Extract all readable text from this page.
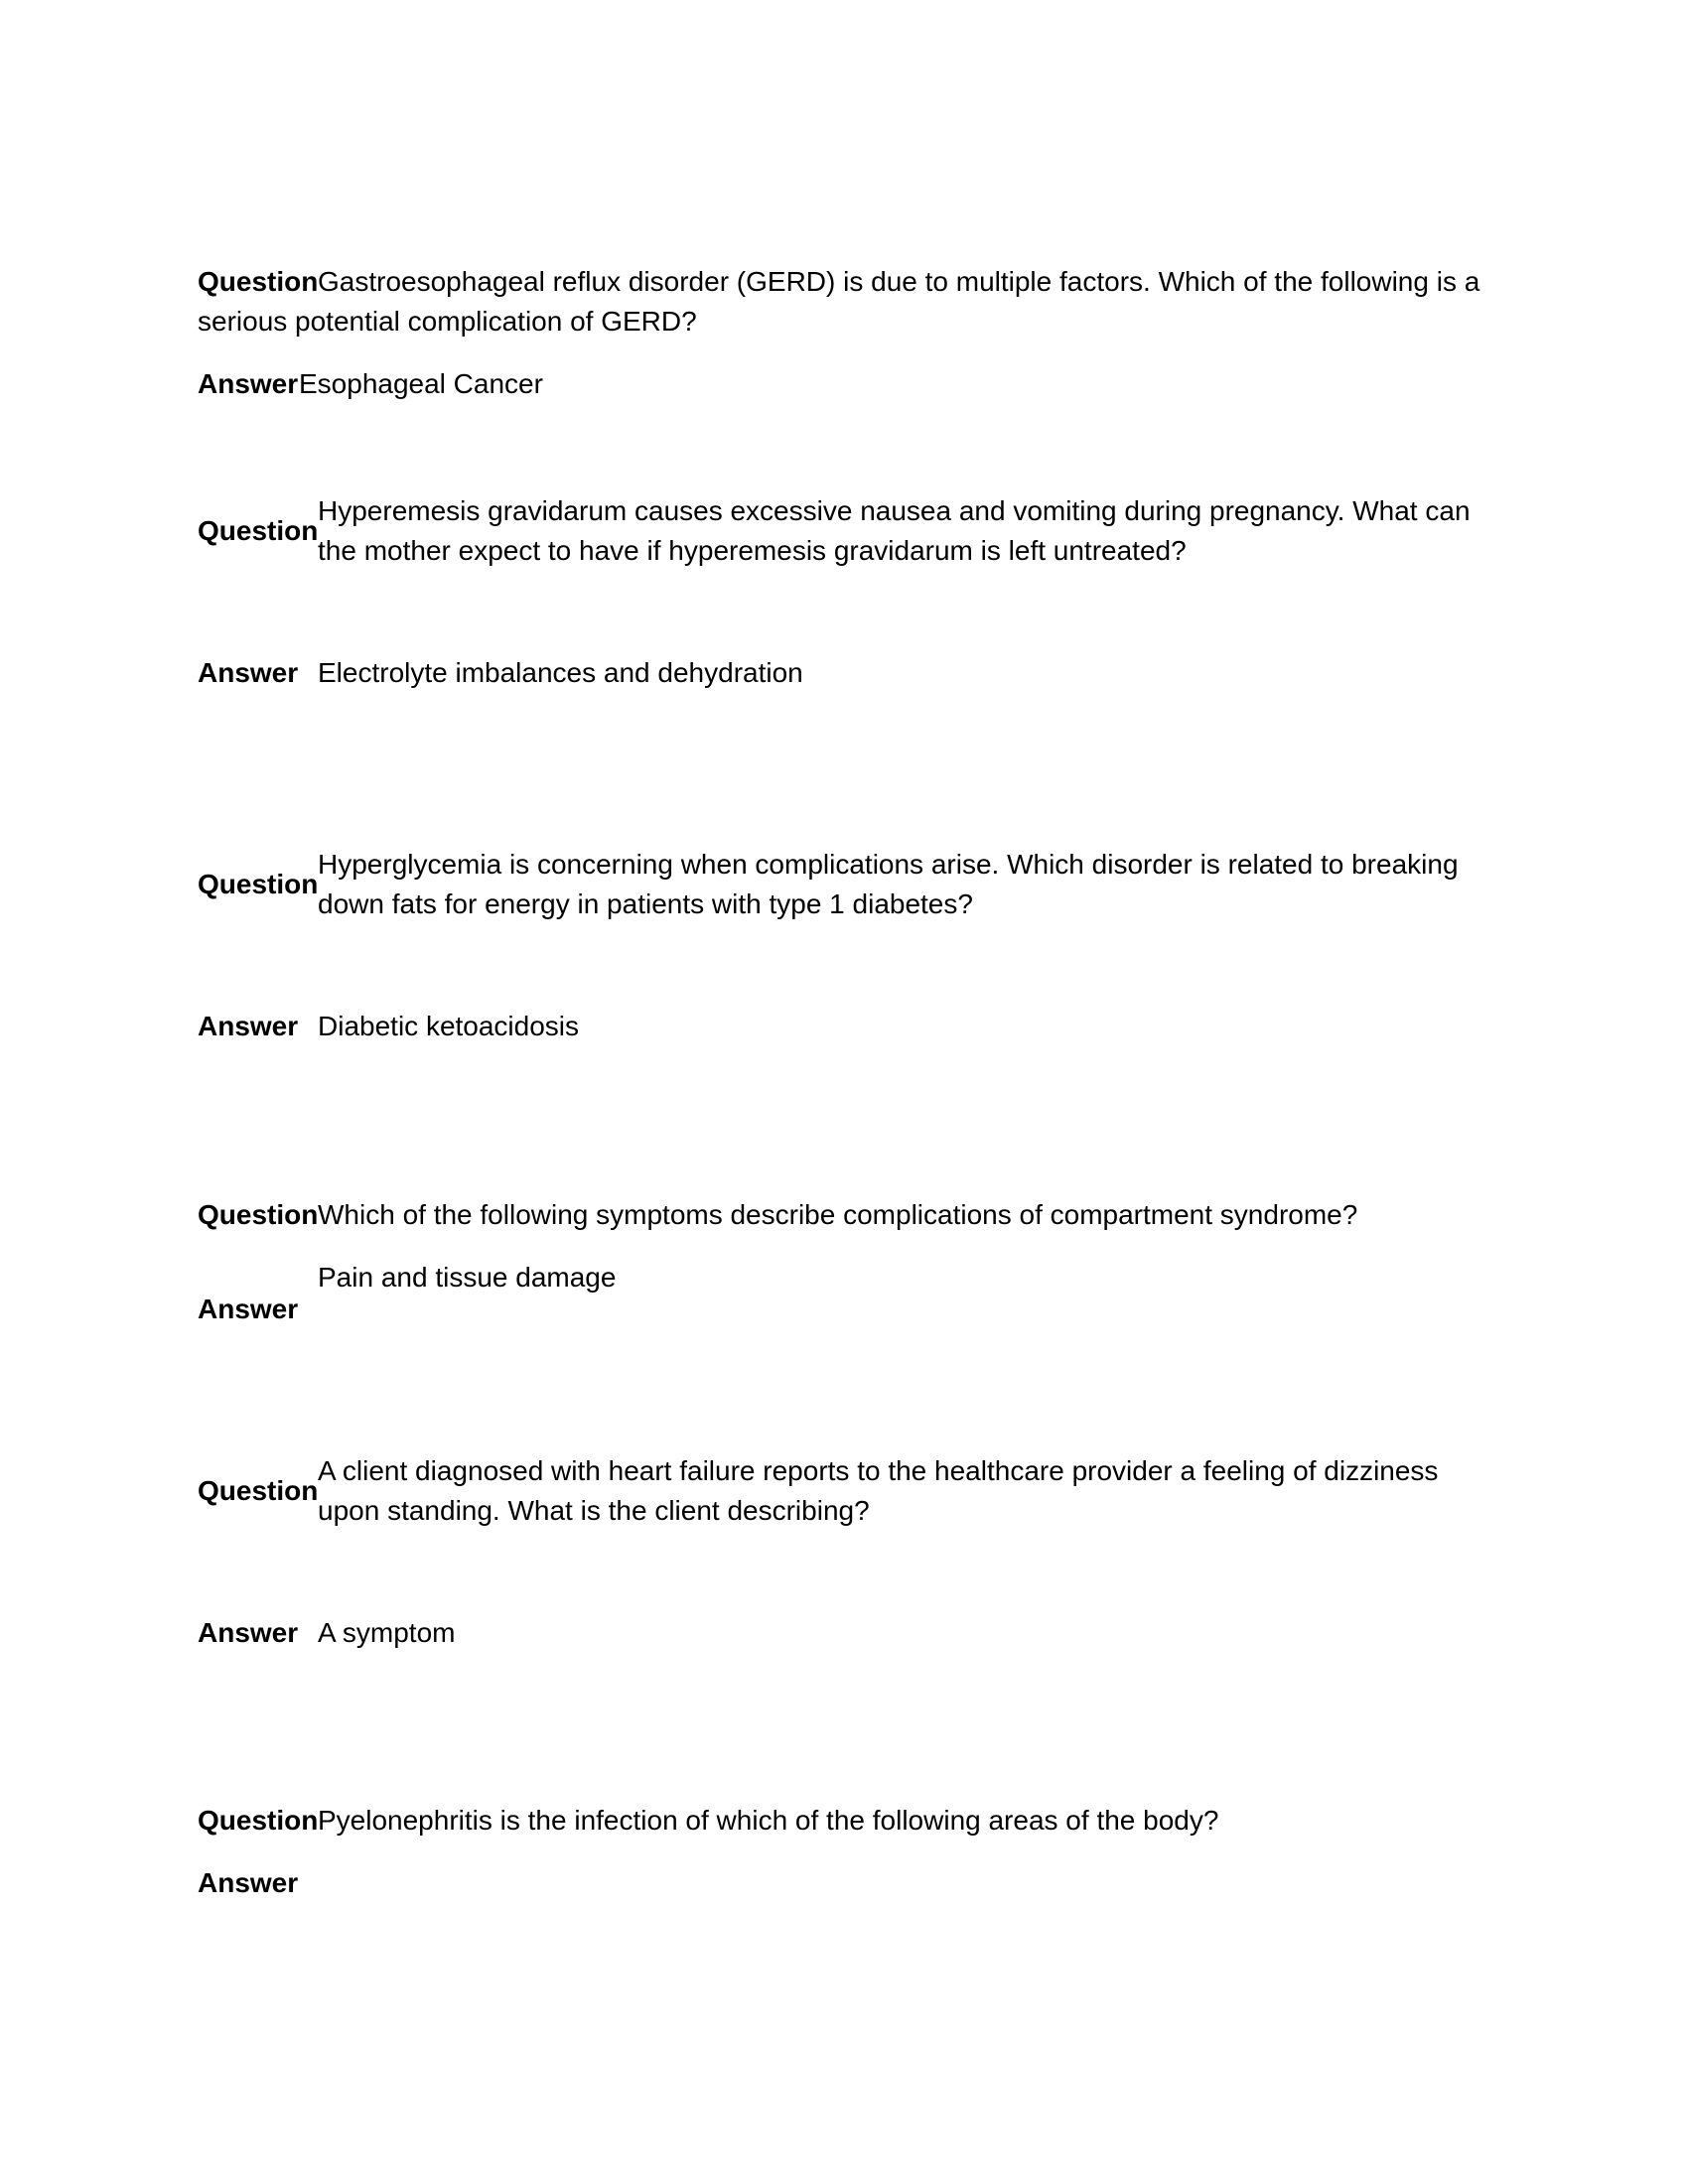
Question Gastroesophageal reflux disorder (GERD) is due to multiple factors. Which of the following is a
serious potential complication of GERD?
Answer Esophageal Cancer
Question
Hyperemesis gravidarum causes excessive nausea and vomiting during pregnancy. What can
the mother expect to have if hyperemesis gravidarum is left untreated?
Answer Electrolyte imbalances and dehydration
Question
Hyperglycemia is concerning when complications arise. Which disorder is related to breaking
down fats for energy in patients with type 1 diabetes?
Answer Diabetic ketoacidosis
Question Which of the following symptoms describe complications of compartment syndrome?
Answer
Pain and tissue damage
Question
A client diagnosed with heart failure reports to the healthcare provider a feeling of dizziness
upon standing. What is the client describing?
Answer A symptom
Question Pyelonephritis is the infection of which of the following areas of the body?
Answer
